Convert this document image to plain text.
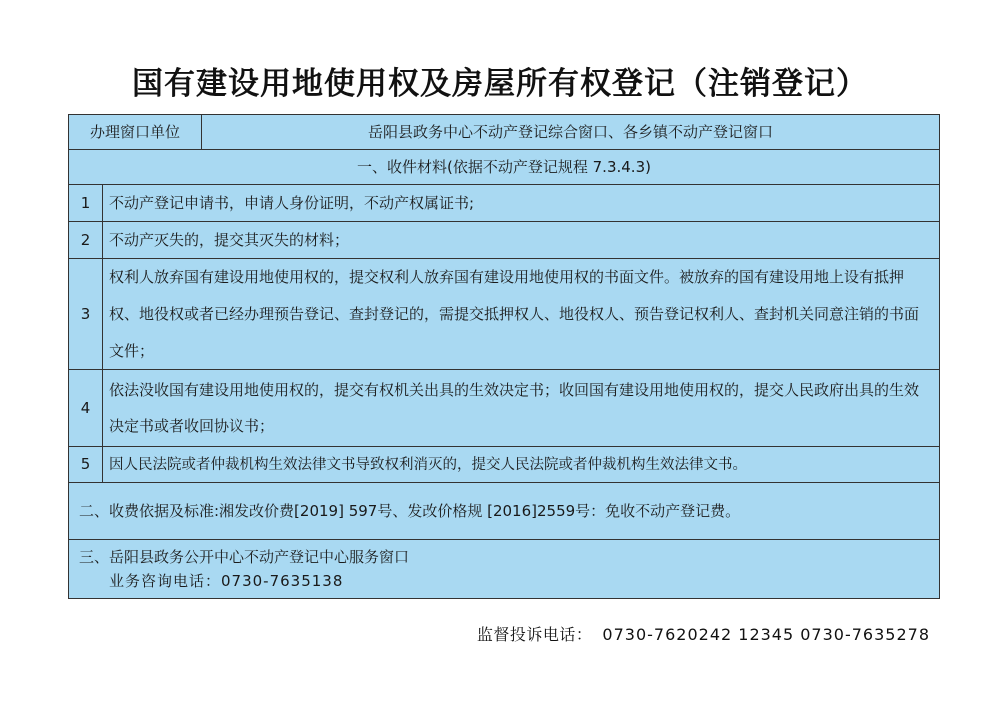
国有建设用地使用权及房屋所有权登记（注销登记）
办理窗口单位		岳阳县政务中心不动产登记综合窗口、各乡镇不动产登记窗口
一、收件材料(依据不动产登记规程 7.3.4.3)		
1	不动产登记申请书，申请人身份证明，不动产权属证书;	
2	不动产灭失的，提交其灭失的材料；	
3	权利人放弃国有建设用地使用权的，提交权利人放弃国有建设用地使用权的书面文件。被放弃的国有建设用地上设有抵押权、地役权或者已经办理预告登记、查封登记的，需提交抵押权人、地役权人、预告登记权利人、查封机关同意注销的书面文件；	
4	依法没收国有建设用地使用权的，提交有权机关出具的生效决定书；收回国有建设用地使用权的，提交人民政府出具的生效决定书或者收回协议书；	
5	因人民法院或者仲裁机构生效法律文书导致权利消灭的，提交人民法院或者仲裁机构生效法律文书。	
二、收费依据及标准:湘发改价费[2019] 597号、发改价格规 [2016]2559号：免收不动产登记费。		
三、岳阳县政务公开中心不动产登记中心服务窗口
业务咨询电话：0730-7635138		
监督投诉电话： 0730-7620242 12345 0730-7635278
